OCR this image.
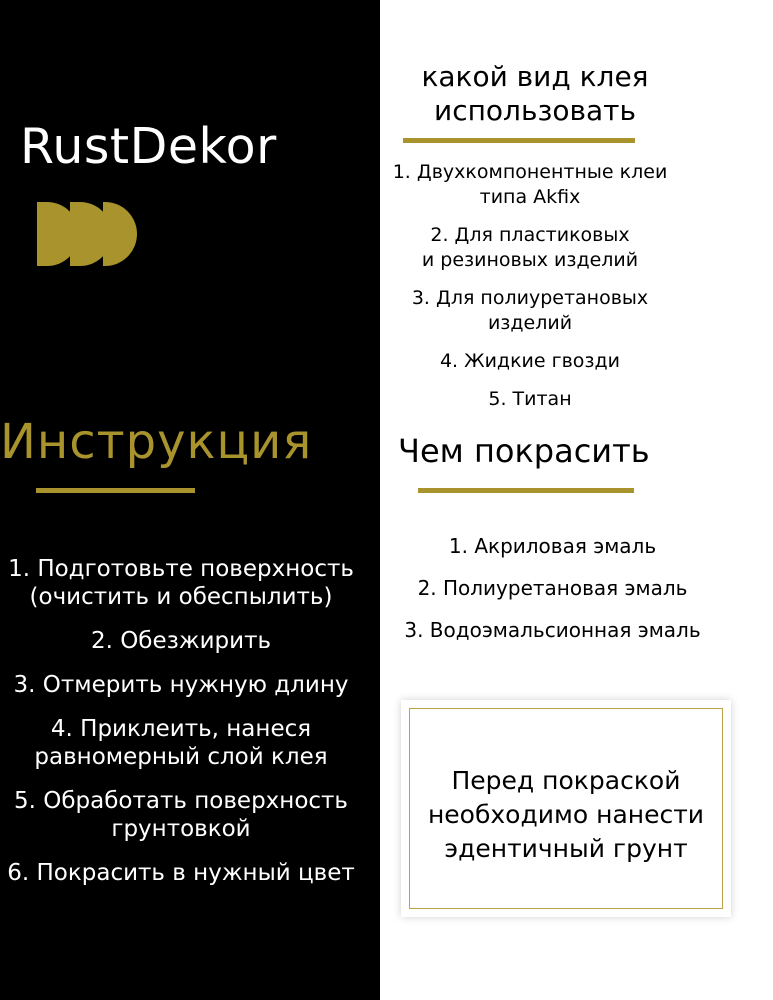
RustDekor
Инструкция
1. Подготовьте поверхность
(очистить и обеспылить)
2. Обезжирить
3. Отмерить нужную длину
4. Приклеить, нанеся
равномерный слой клея
5. Обработать поверхность
грунтовкой
6. Покрасить в нужный цвет
какой вид клея
использовать
1. Двухкомпонентные клеи
типа Akfix
2. Для пластиковых
и резиновых изделий
3. Для полиуретановых
изделий
4. Жидкие гвозди
5. Титан
Чем покрасить
1. Акриловая эмаль
2. Полиуретановая эмаль
3. Водоэмальсионная эмаль
Перед покраской
необходимо нанести
эдентичный грунт
